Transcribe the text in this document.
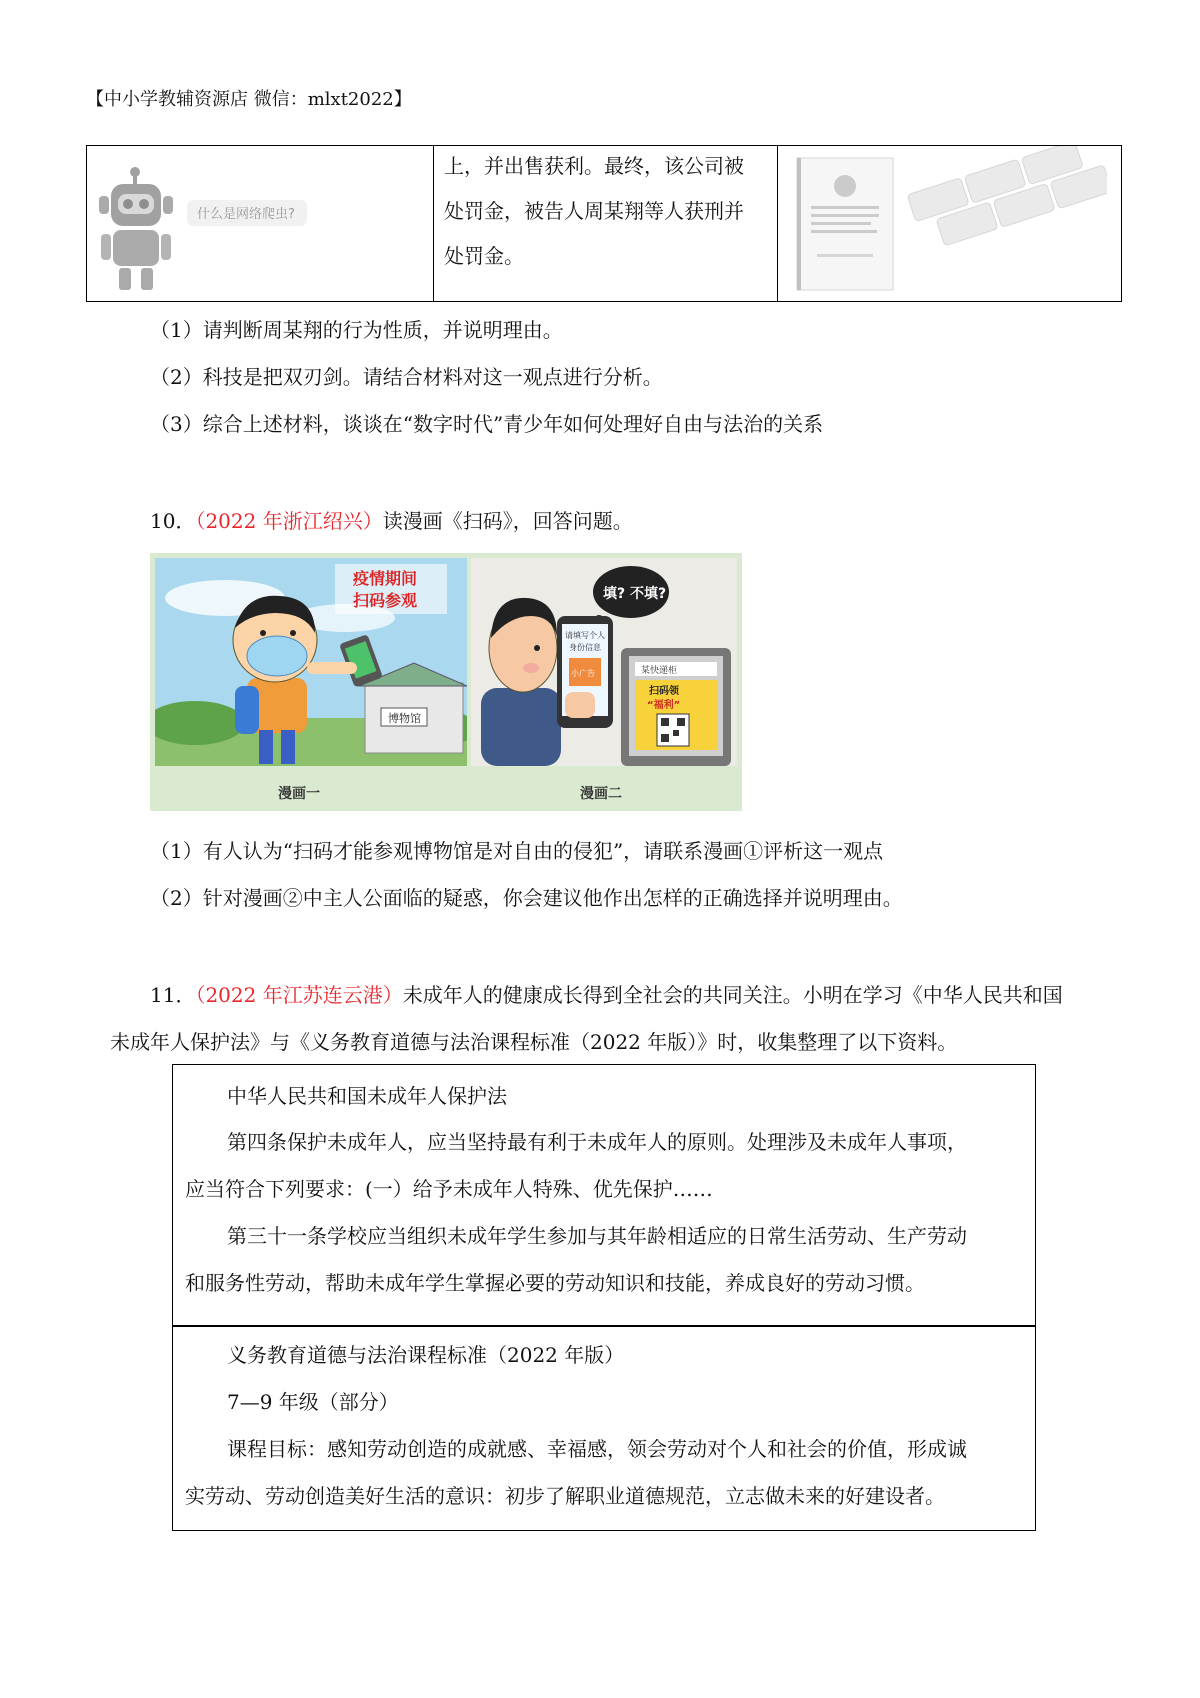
【中小学教辅资源店 微信：mlxt2022】
什么是网络爬虫?
上，并出售获利。最终，该公司被
处罚金，被告人周某翔等人获刑并
处罚金。
（1）请判断周某翔的行为性质，并说明理由。
（2）科技是把双刃剑。请结合材料对这一观点进行分析。
（3）综合上述材料，谈谈在“数字时代”青少年如何处理好自由与法治的关系
10．（2022 年浙江绍兴）读漫画《扫码》，回答问题。
博物馆
疫情期间
扫码参观	填? 不填?
请填写个人
身份信息
小广告	某快递柜
扫码领
“福利”
漫画一	漫画二
（1）有人认为“扫码才能参观博物馆是对自由的侵犯”，请联系漫画①评析这一观点
（2）针对漫画②中主人公面临的疑惑，你会建议他作出怎样的正确选择并说明理由。
11．（2022 年江苏连云港）未成年人的健康成长得到全社会的共同关注。小明在学习《中华人民共和国
未成年人保护法》与《义务教育道德与法治课程标准（2022 年版）》时，收集整理了以下资料。
中华人民共和国未成年人保护法
第四条保护未成年人，应当坚持最有利于未成年人的原则。处理涉及未成年人事项，
应当符合下列要求：(一）给予未成年人特殊、优先保护……
第三十一条学校应当组织未成年学生参加与其年龄相适应的日常生活劳动、生产劳动
和服务性劳动，帮助未成年学生掌握必要的劳动知识和技能，养成良好的劳动习惯。
义务教育道德与法治课程标准（2022 年版）
7—9 年级（部分）
课程目标：感知劳动创造的成就感、幸福感，领会劳动对个人和社会的价值，形成诚
实劳动、劳动创造美好生活的意识：初步了解职业道德规范，立志做未来的好建设者。
